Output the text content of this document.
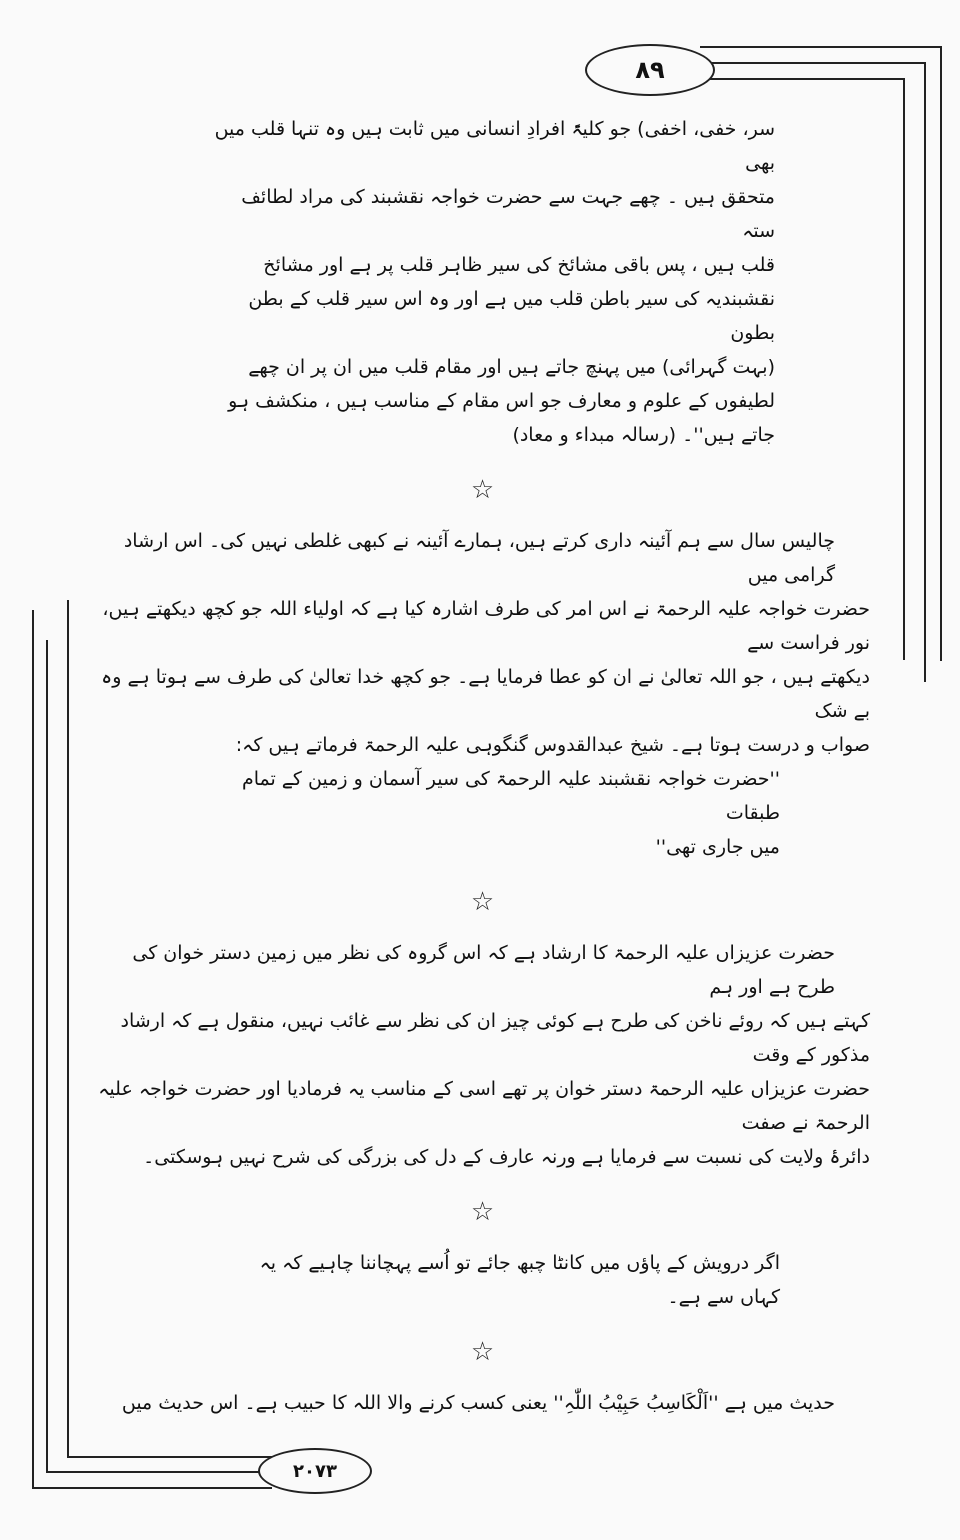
۸۹
سر، خفی، اخفی) جو کلیۃً افرادِ انسانی میں ثابت ہیں وہ تنہا قلب میں بھی
متحقق ہیں ۔ چھے جہت سے حضرت خواجہ نقشبند کی مراد لطائف ستہ
قلب ہیں ، پس باقی مشائخ کی سیر ظاہر قلب پر ہے اور مشائخ
نقشبندیہ کی سیر باطن قلب میں ہے اور وہ اس سیر قلب کے بطن بطون
(بہت گہرائی) میں پہنچ جاتے ہیں اور مقام قلب میں ان پر ان چھے
لطیفوں کے علوم و معارف جو اس مقام کے مناسب ہیں ، منکشف ہو
جاتے ہیں''۔ (رسالہ مبداء و معاد)
☆
چالیس سال سے ہم آئینہ داری کرتے ہیں، ہمارے آئینہ نے کبھی غلطی نہیں کی۔ اس ارشاد گرامی میں
حضرت خواجہ علیہ الرحمۃ نے اس امر کی طرف اشارہ کیا ہے کہ اولیاء اللہ جو کچھ دیکھتے ہیں، نور فراست سے
دیکھتے ہیں ، جو اللہ تعالیٰ نے ان کو عطا فرمایا ہے۔ جو کچھ خدا تعالیٰ کی طرف سے ہوتا ہے وہ بے شک
صواب و درست ہوتا ہے۔ شیخ عبدالقدوس گنگوہی علیہ الرحمۃ فرماتے ہیں کہ:
''حضرت خواجہ نقشبند علیہ الرحمۃ کی سیر آسمان و زمین کے تمام طبقات
میں جاری تھی''
☆
حضرت عزیزاں علیہ الرحمۃ کا ارشاد ہے کہ اس گروہ کی نظر میں زمین دستر خوان کی طرح ہے اور ہم
کہتے ہیں کہ روئے ناخن کی طرح ہے کوئی چیز ان کی نظر سے غائب نہیں، منقول ہے کہ ارشاد مذکور کے وقت
حضرت عزیزاں علیہ الرحمۃ دستر خوان پر تھے اسی کے مناسب یہ فرمادیا اور حضرت خواجہ علیہ الرحمۃ نے صفت
دائرۂ ولایت کی نسبت سے فرمایا ہے ورنہ عارف کے دل کی بزرگی کی شرح نہیں ہوسکتی۔
☆
اگر درویش کے پاؤں میں کانٹا چبھ جائے تو اُسے پہچاننا چاہیے کہ یہ کہاں سے ہے۔
☆
حدیث میں ہے ''اَلْکَاسِبُ حَبِیْبُ اللّٰہِ'' یعنی کسب کرنے والا اللہ کا حبیب ہے۔ اس حدیث میں
۲۰۷۳
